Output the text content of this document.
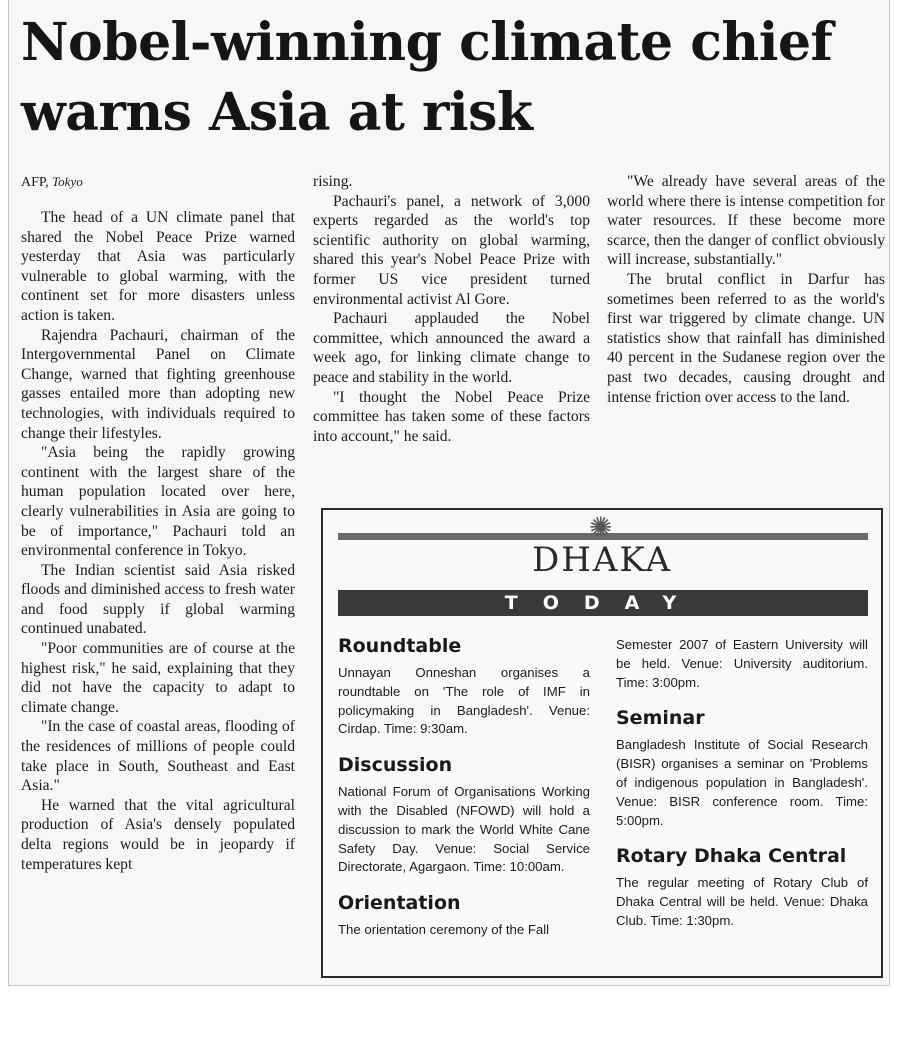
Nobel-winning climate chief warns Asia at risk
AFP, Tokyo

The head of a UN climate panel that shared the Nobel Peace Prize warned yesterday that Asia was particularly vulnerable to global warming, with the continent set for more disasters unless action is taken.

Rajendra Pachauri, chairman of the Intergovernmental Panel on Climate Change, warned that fighting greenhouse gasses entailed more than adopting new technologies, with individuals required to change their lifestyles.

"Asia being the rapidly growing continent with the largest share of the human population located over here, clearly vulnerabilities in Asia are going to be of importance," Pachauri told an environmental conference in Tokyo.

The Indian scientist said Asia risked floods and diminished access to fresh water and food supply if global warming continued unabated.

"Poor communities are of course at the highest risk," he said, explaining that they did not have the capacity to adapt to climate change.

"In the case of coastal areas, flooding of the residences of millions of people could take place in South, Southeast and East Asia."

He warned that the vital agricultural production of Asia's densely populated delta regions would be in jeopardy if temperatures kept

rising.

Pachauri's panel, a network of 3,000 experts regarded as the world's top scientific authority on global warming, shared this year's Nobel Peace Prize with former US vice president turned environmental activist Al Gore.

Pachauri applauded the Nobel committee, which announced the award a week ago, for linking climate change to peace and stability in the world.

"I thought the Nobel Peace Prize committee has taken some of these factors into account," he said.

"We already have several areas of the world where there is intense competition for water resources. If these become more scarce, then the danger of conflict obviously will increase, substantially."

The brutal conflict in Darfur has sometimes been referred to as the world's first war triggered by climate change. UN statistics show that rainfall has diminished 40 percent in the Sudanese region over the past two decades, causing drought and intense friction over access to the land.

✺
DHAKA
TODAY
Roundtable
Unnayan Onneshan organises a roundtable on 'The role of IMF in policymaking in Bangladesh'. Venue: Cirdap. Time: 9:30am.
Discussion
National Forum of Organisations Working with the Disabled (NFOWD) will hold a discussion to mark the World White Cane Safety Day. Venue: Social Service Directorate, Agargaon. Time: 10:00am.
Orientation
The orientation ceremony of the Fall
Semester 2007 of Eastern University will be held. Venue: University auditorium. Time: 3:00pm.
Seminar
Bangladesh Institute of Social Research (BISR) organises a seminar on 'Problems of indigenous population in Bangladesh'. Venue: BISR conference room. Time: 5:00pm.
Rotary Dhaka Central
The regular meeting of Rotary Club of Dhaka Central will be held. Venue: Dhaka Club. Time: 1:30pm.
